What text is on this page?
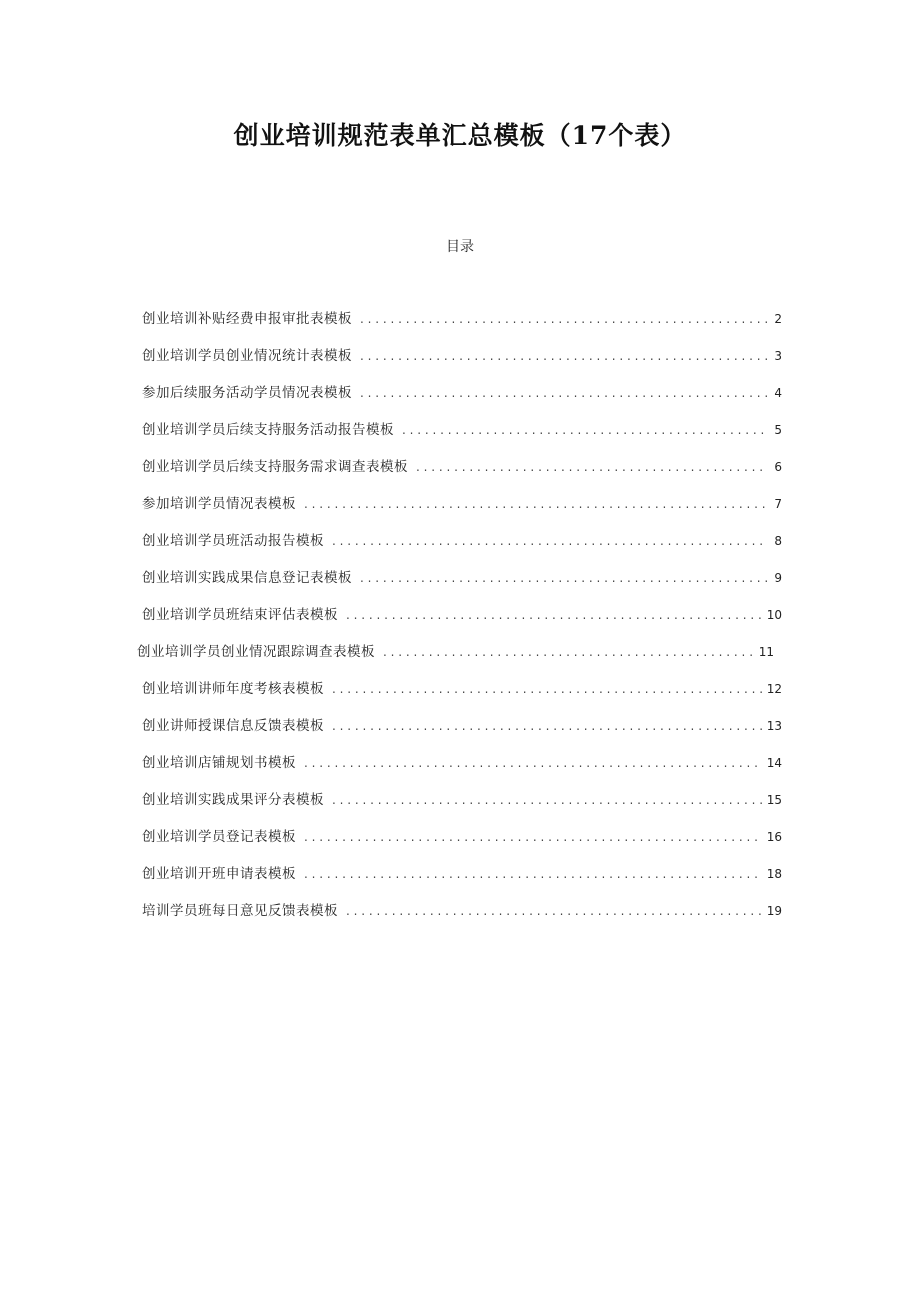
创业培训规范表单汇总模板（17个表）
目录
创业培训补贴经费申报审批表模板 . . .	2
创业培训学员创业情况统计表模板 . . .	3
参加后续服务活动学员情况表模板 . . .	4
创业培训学员后续支持服务活动报告模板 . . .	5
创业培训学员后续支持服务需求调查表模板 . . .	6
参加培训学员情况表模板 . . .	7
创业培训学员班活动报告模板 . . .	8
创业培训实践成果信息登记表模板 . . .	9
创业培训学员班结束评估表模板 . . .	10
创业培训学员创业情况跟踪调查表模板 . . .	11
创业培训讲师年度考核表模板 . . .	12
创业讲师授课信息反馈表模板 . . .	13
创业培训店铺规划书模板 . . .	14
创业培训实践成果评分表模板 . . .	15
创业培训学员登记表模板 . . .	16
创业培训开班申请表模板 . . .	18
培训学员班每日意见反馈表模板 . . .	19
